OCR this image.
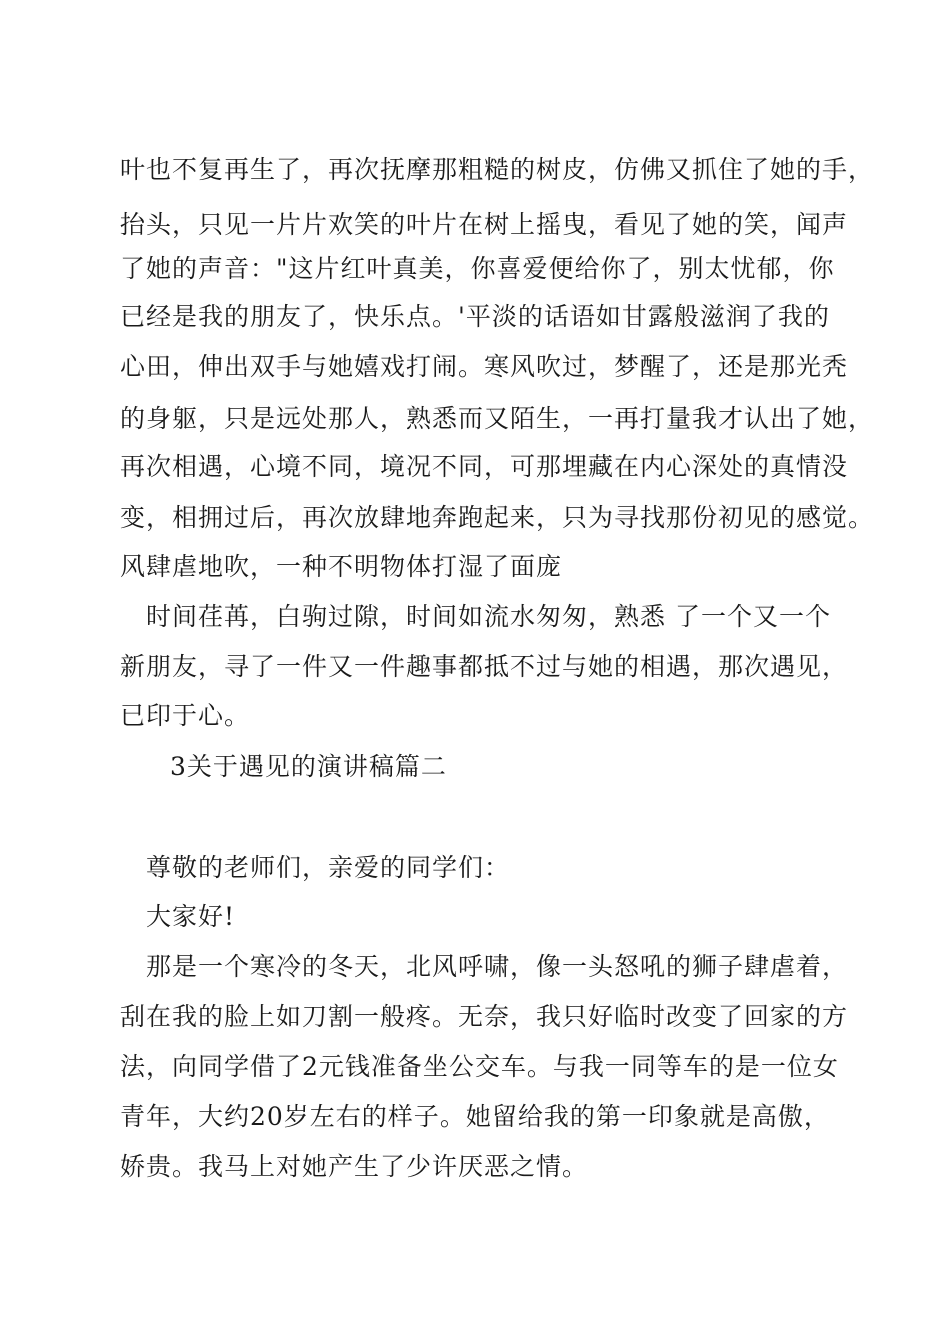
叶也不复再生了，再次抚摩那粗糙的树皮，仿佛又抓住了她的手，
抬头，只见一片片欢笑的叶片在树上摇曳，看见了她的笑，闻声
了她的声音："这片红叶真美，你喜爱便给你了，别太忧郁，你
已经是我的朋友了，快乐点。'平淡的话语如甘露般滋润了我的
心田，伸出双手与她嬉戏打闹。寒风吹过，梦醒了，还是那光秃
的身躯，只是远处那人，熟悉而又陌生，一再打量我才认出了她，
再次相遇，心境不同，境况不同，可那埋藏在内心深处的真情没
变，相拥过后，再次放肆地奔跑起来，只为寻找那份初见的感觉。
风肆虐地吹，一种不明物体打湿了面庞
时间荏苒，白驹过隙，时间如流水匆匆，熟悉 了一个又一个
新朋友，寻了一件又一件趣事都抵不过与她的相遇，那次遇见，
已印于心。
3关于遇见的演讲稿篇二
尊敬的老师们，亲爱的同学们：
大家好!
那是一个寒冷的冬天，北风呼啸，像一头怒吼的狮子肆虐着，
刮在我的脸上如刀割一般疼。无奈，我只好临时改变了回家的方
法，向同学借了2元钱准备坐公交车。与我一同等车的是一位女
青年，大约20岁左右的样子。她留给我的第一印象就是高傲，
娇贵。我马上对她产生了少许厌恶之情。
